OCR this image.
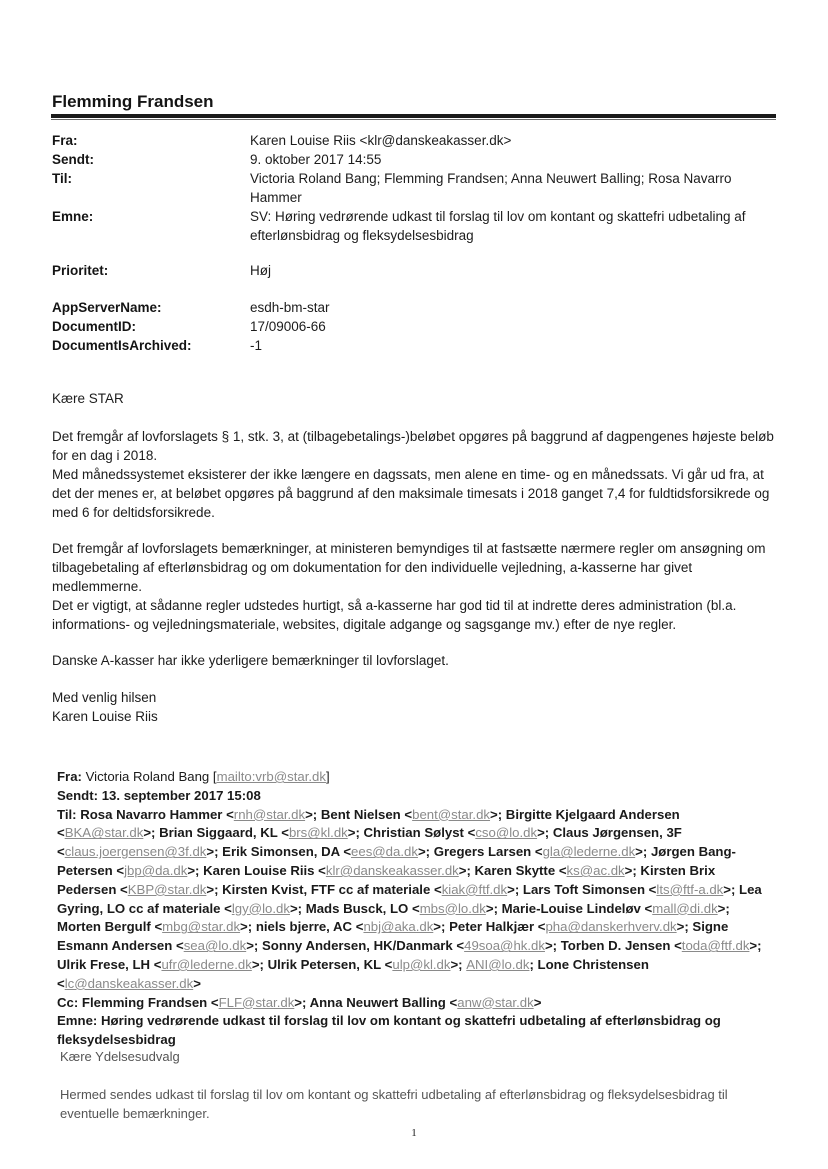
Flemming Frandsen
Fra:	Karen Louise Riis <klr@danskeakasser.dk>
Sendt:	9. oktober 2017 14:55
Til:	Victoria Roland Bang; Flemming Frandsen; Anna Neuwert Balling; Rosa Navarro Hammer
Emne:	SV: Høring vedrørende udkast til forslag til lov om kontant og skattefri udbetaling af efterlønsbidrag og fleksydelsesbidrag
Prioritet:	Høj
AppServerName:	esdh-bm-star
DocumentID:	17/09006-66
DocumentIsArchived:	-1
Kære STAR

Det fremgår af lovforslagets § 1, stk. 3, at (tilbagebetalings-)beløbet opgøres på baggrund af dagpengenes højeste beløb for en dag i 2018.

Med månedssystemet eksisterer der ikke længere en dagssats, men alene en time- og en månedssats. Vi går ud fra, at det der menes er, at beløbet opgøres på baggrund af den maksimale timesats i 2018 ganget 7,4 for fuldtidsforsikrede og med 6 for deltidsforsikrede.

Det fremgår af lovforslagets bemærkninger, at ministeren bemyndiges til at fastsætte nærmere regler om ansøgning om tilbagebetaling af efterlønsbidrag og om dokumentation for den individuelle vejledning, a-kasserne har givet medlemmerne.

Det er vigtigt, at sådanne regler udstedes hurtigt, så a-kasserne har god tid til at indrette deres administration (bl.a. informations- og vejledningsmateriale, websites, digitale adgange og sagsgange mv.) efter de nye regler.

Danske A-kasser har ikke yderligere bemærkninger til lovforslaget.
Med venlig hilsen
Karen Louise Riis
Fra: Victoria Roland Bang [mailto:vrb@star.dk]
Sendt: 13. september 2017 15:08
Til: Rosa Navarro Hammer <rnh@star.dk>; Bent Nielsen <bent@star.dk>; Birgitte Kjelgaard Andersen <BKA@star.dk>; Brian Siggaard, KL <brs@kl.dk>; Christian Sølyst <cso@lo.dk>; Claus Jørgensen, 3F <claus.joergensen@3f.dk>; Erik Simonsen, DA <ees@da.dk>; Gregers Larsen <gla@lederne.dk>; Jørgen Bang-Petersen <jbp@da.dk>; Karen Louise Riis <klr@danskeakasser.dk>; Karen Skytte <ks@ac.dk>; Kirsten Brix Pedersen <KBP@star.dk>; Kirsten Kvist, FTF cc af materiale <kiak@ftf.dk>; Lars Toft Simonsen <lts@ftf-a.dk>; Lea Gyring, LO cc af materiale <lgy@lo.dk>; Mads Busck, LO <mbs@lo.dk>; Marie-Louise Lindeløv <mall@di.dk>; Morten Bergulf <mbg@star.dk>; niels bjerre, AC <nbj@aka.dk>; Peter Halkjær <pha@danskerhverv.dk>; Signe Esmann Andersen <sea@lo.dk>; Sonny Andersen, HK/Danmark <49soa@hk.dk>; Torben D. Jensen <toda@ftf.dk>; Ulrik Frese, LH <ufr@lederne.dk>; Ulrik Petersen, KL <ulp@kl.dk>; ANI@lo.dk; Lone Christensen <lc@danskeakasser.dk>
Cc: Flemming Frandsen <FLF@star.dk>; Anna Neuwert Balling <anw@star.dk>
Emne: Høring vedrørende udkast til forslag til lov om kontant og skattefri udbetaling af efterlønsbidrag og fleksydelsesbidrag
Kære Ydelsesudvalg
Hermed sendes udkast til forslag til lov om kontant og skattefri udbetaling af efterlønsbidrag og fleksydelsesbidrag til eventuelle bemærkninger.
1
